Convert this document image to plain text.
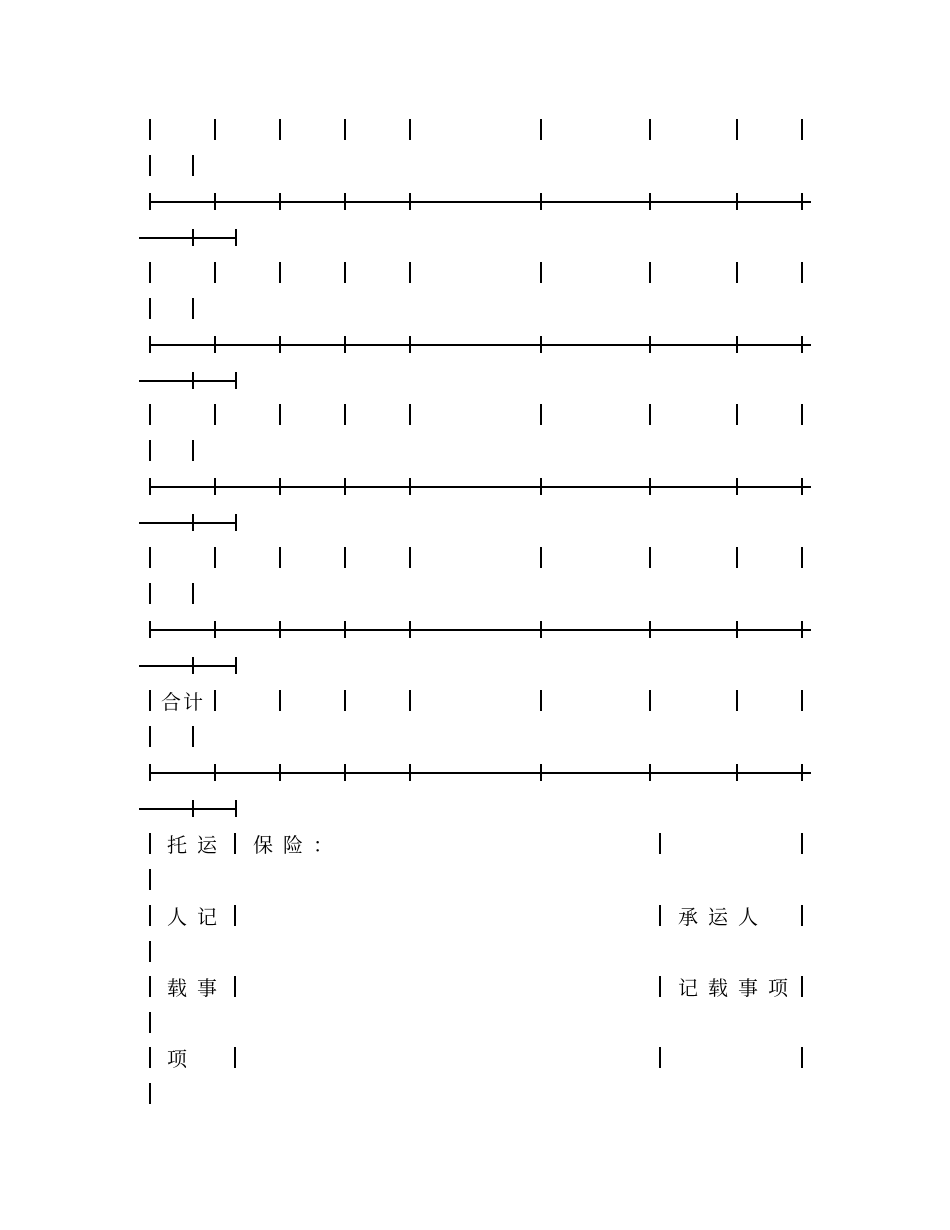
合计
托运 保险：
人记	承运人
载事	记载事项
项
